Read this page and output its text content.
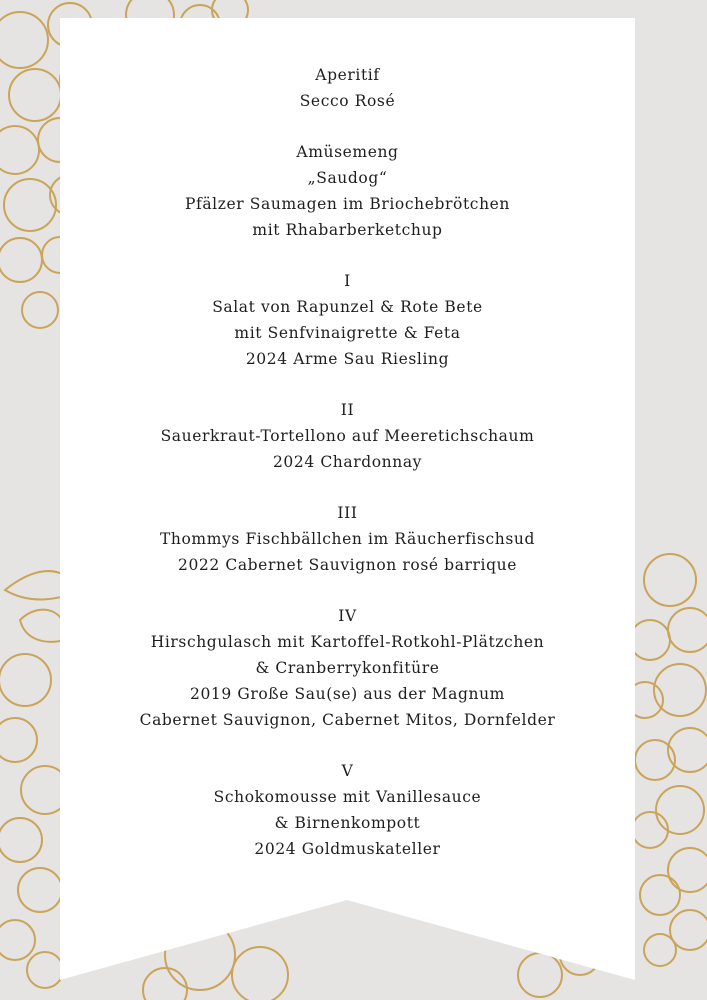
Aperitif
Secco Rosé
Amüsemeng
„Saudog“
Pfälzer Saumagen im Briochebrötchen
mit Rhabarberketchup
I
Salat von Rapunzel & Rote Bete
mit Senfvinaigrette & Feta
2024 Arme Sau Riesling
II
Sauerkraut-Tortellono auf Meeretichschaum
2024 Chardonnay
III
Thommys Fischbällchen im Räucherfischsud
2022 Cabernet Sauvignon rosé barrique
IV
Hirschgulasch mit Kartoffel-Rotkohl-Plätzchen
& Cranberrykonfitüre
2019 Große Sau(se) aus der Magnum
Cabernet Sauvignon, Cabernet Mitos, Dornfelder
V
Schokomousse mit Vanillesauce
& Birnenkompott
2024 Goldmuskateller
